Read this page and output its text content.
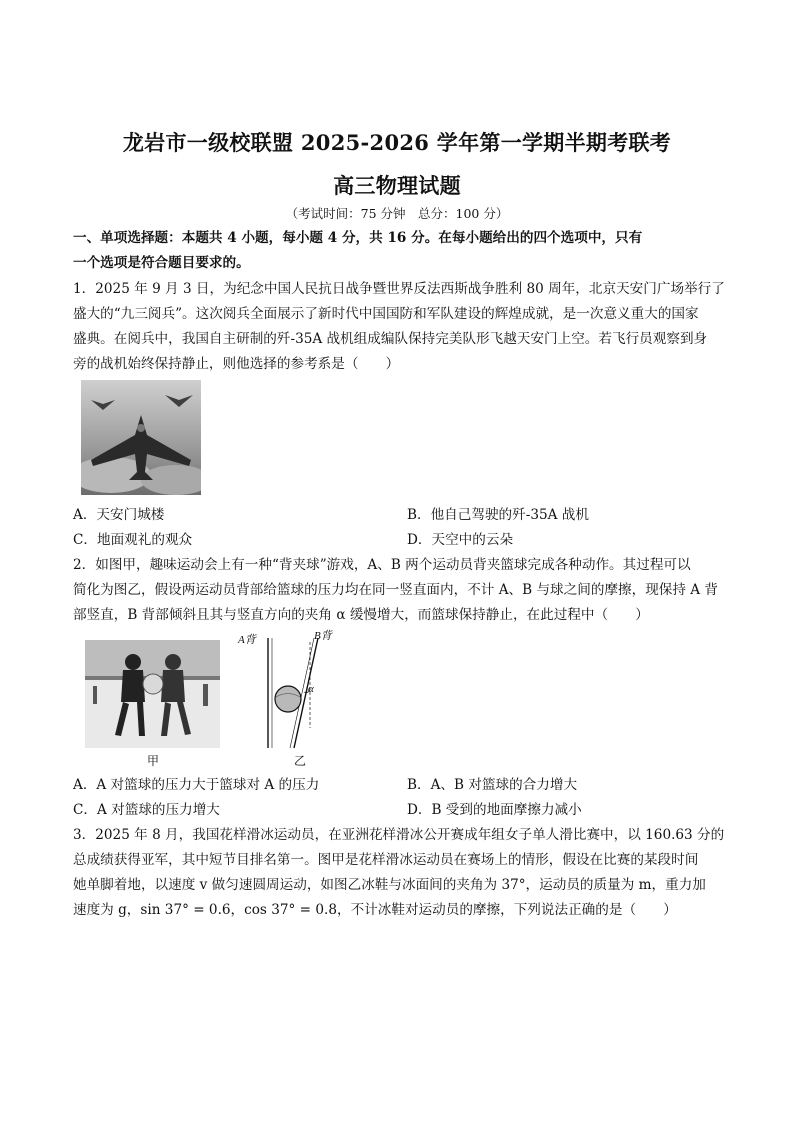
龙岩市一级校联盟 2025-2026 学年第一学期半期考联考
高三物理试题
（考试时间：75 分钟　总分：100 分）
一、单项选择题：本题共 4 小题，每小题 4 分，共 16 分。在每小题给出的四个选项中，只有
一个选项是符合题目要求的。
1．2025 年 9 月 3 日，为纪念中国人民抗日战争暨世界反法西斯战争胜利 80 周年，北京天安门广场举行了
盛大的“九三阅兵”。这次阅兵全面展示了新时代中国国防和军队建设的辉煌成就，是一次意义重大的国家
盛典。在阅兵中，我国自主研制的歼-35A 战机组成编队保持完美队形飞越天安门上空。若飞行员观察到身
旁的战机始终保持静止，则他选择的参考系是（　　）
A．天安门城楼	B．他自己驾驶的歼-35A 战机
C．地面观礼的观众	D．天空中的云朵
2．如图甲，趣味运动会上有一种“背夹球”游戏，A、B 两个运动员背夹篮球完成各种动作。其过程可以
简化为图乙，假设两运动员背部给篮球的压力均在同一竖直面内，不计 A、B 与球之间的摩擦，现保持 A 背
部竖直，B 背部倾斜且其与竖直方向的夹角 α 缓慢增大，而篮球保持静止，在此过程中（　　）
甲
A背	B背
α
乙
A．A 对篮球的压力大于篮球对 A 的压力	B．A、B 对篮球的合力增大
C．A 对篮球的压力增大	D．B 受到的地面摩擦力减小
3．2025 年 8 月，我国花样滑冰运动员，在亚洲花样滑冰公开赛成年组女子单人滑比赛中，以 160.63 分的
总成绩获得亚军，其中短节目排名第一。图甲是花样滑冰运动员在赛场上的情形，假设在比赛的某段时间
她单脚着地，以速度 v 做匀速圆周运动，如图乙冰鞋与冰面间的夹角为 37°，运动员的质量为 m，重力加
速度为 g，sin 37° = 0.6，cos 37° = 0.8，不计冰鞋对运动员的摩擦，下列说法正确的是（　　）
